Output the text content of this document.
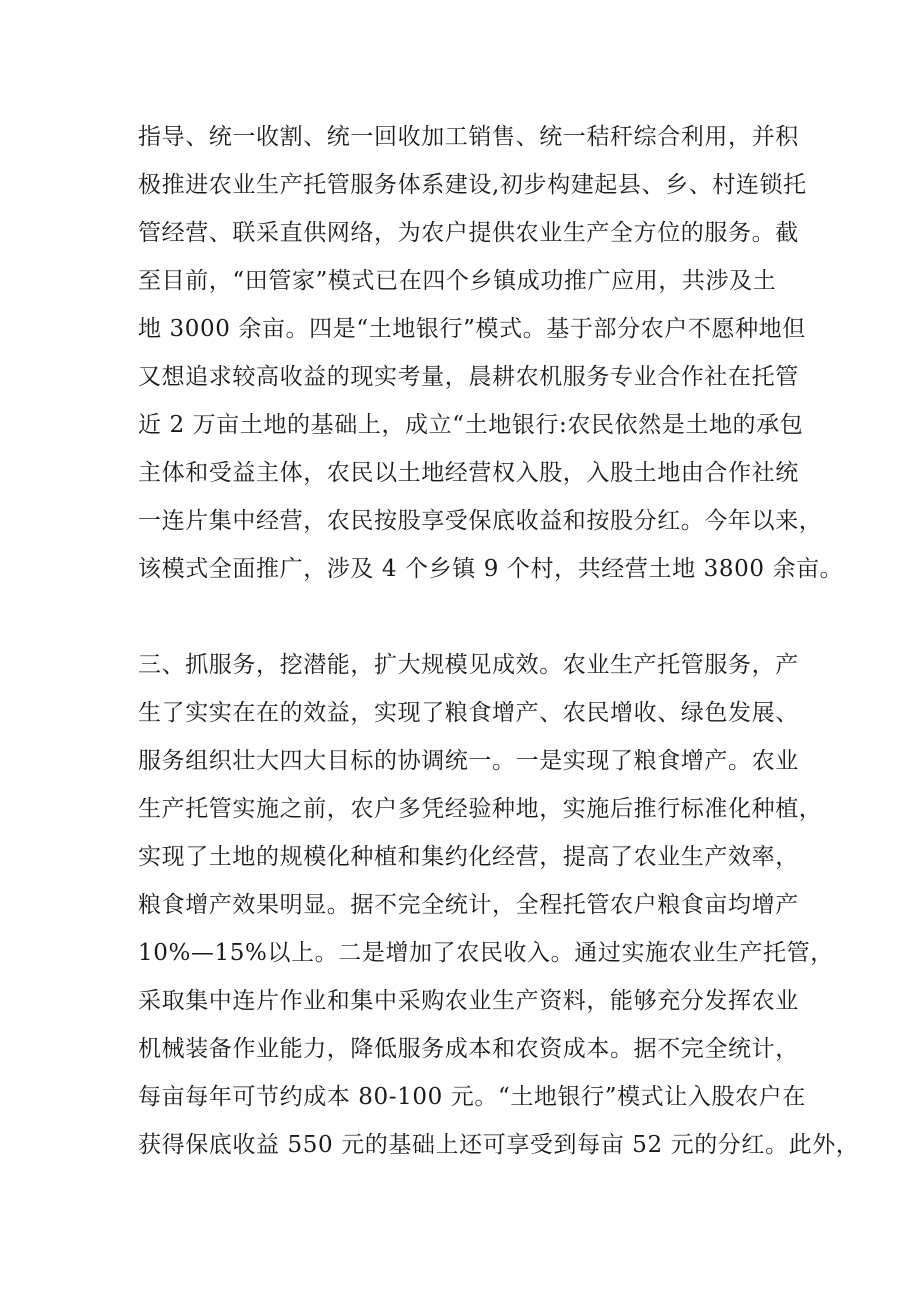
指导、统一收割、统一回收加工销售、统一秸秆综合利用，并积
极推进农业生产托管服务体系建设,初步构建起县、乡、村连锁托
管经营、联采直供网络，为农户提供农业生产全方位的服务。截
至目前，“田管家”模式已在四个乡镇成功推广应用，共涉及土
地 3000 余亩。四是“土地银行”模式。基于部分农户不愿种地但
又想追求较高收益的现实考量，晨耕农机服务专业合作社在托管
近 2 万亩土地的基础上，成立“土地银行:农民依然是土地的承包
主体和受益主体，农民以土地经营权入股，入股土地由合作社统
一连片集中经营，农民按股享受保底收益和按股分红。今年以来，
该模式全面推广，涉及 4 个乡镇 9 个村，共经营土地 3800 余亩。
三、抓服务，挖潜能，扩大规模见成效。农业生产托管服务，产
生了实实在在的效益，实现了粮食增产、农民增收、绿色发展、
服务组织壮大四大目标的协调统一。一是实现了粮食增产。农业
生产托管实施之前，农户多凭经验种地，实施后推行标准化种植，
实现了土地的规模化种植和集约化经营，提高了农业生产效率，
粮食增产效果明显。据不完全统计，全程托管农户粮食亩均增产
10%—15%以上。二是增加了农民收入。通过实施农业生产托管，
采取集中连片作业和集中采购农业生产资料，能够充分发挥农业
机械装备作业能力，降低服务成本和农资成本。据不完全统计，
每亩每年可节约成本 80-100 元。“土地银行”模式让入股农户在
获得保底收益 550 元的基础上还可享受到每亩 52 元的分红。此外，
